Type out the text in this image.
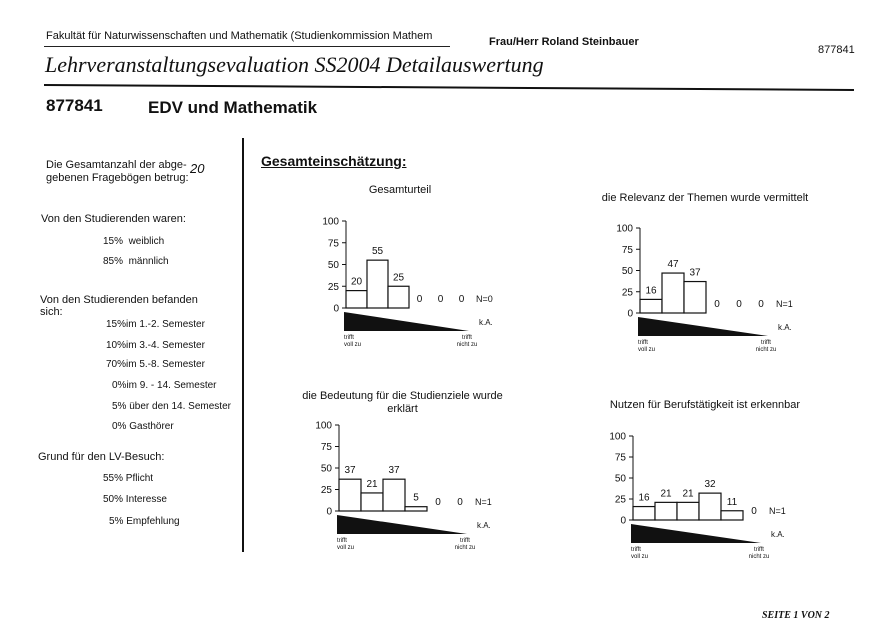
Fakultät für Naturwissenschaften und Mathematik (Studienkommission Mathem	Frau/Herr Roland Steinbauer
877841
Lehrveranstaltungsevaluation SS2004 Detailauswertung
877841	EDV und Mathematik
Die Gesamtanzahl der abge-
gebenen Fragebögen betrug:
20
Von den Studierenden waren:
15% weiblich
85% männlich
Von den Studierenden befanden
sich:
15%im 1.-2. Semester
10%im 3.-4. Semester
70%im 5.-8. Semester
0%im 9. - 14. Semester
5% über den 14. Semester
0% Gasthörer
Grund für den LV-Besuch:
55% Pflicht
50% Interesse
5% Empfehlung
Gesamteinschätzung:
Gesamturteil
die Relevanz der Themen wurde vermittelt
die Bedeutung für die Studienziele wurde
erklärt	Nutzen für Berufstätigkeit ist erkennbar
100
75
50
25
0
20
55
25
0 0 0 N=0
k.A.
trifft
voll zu
trifft
nicht zu
100
75
50
25
0
16
47
37
0 0 0 N=1
k.A.
trifft
voll zu
trifft
nicht zu
100
75
50
25
0
37
21
37
5 0 0 N=1
k.A.
trifft
voll zu
trifft
nicht zu
100
75
50
25
0
16 21 21
32
11
0 N=1
k.A.
trifft
voll zu
trifft
nicht zu
SEITE 1 VON 2
